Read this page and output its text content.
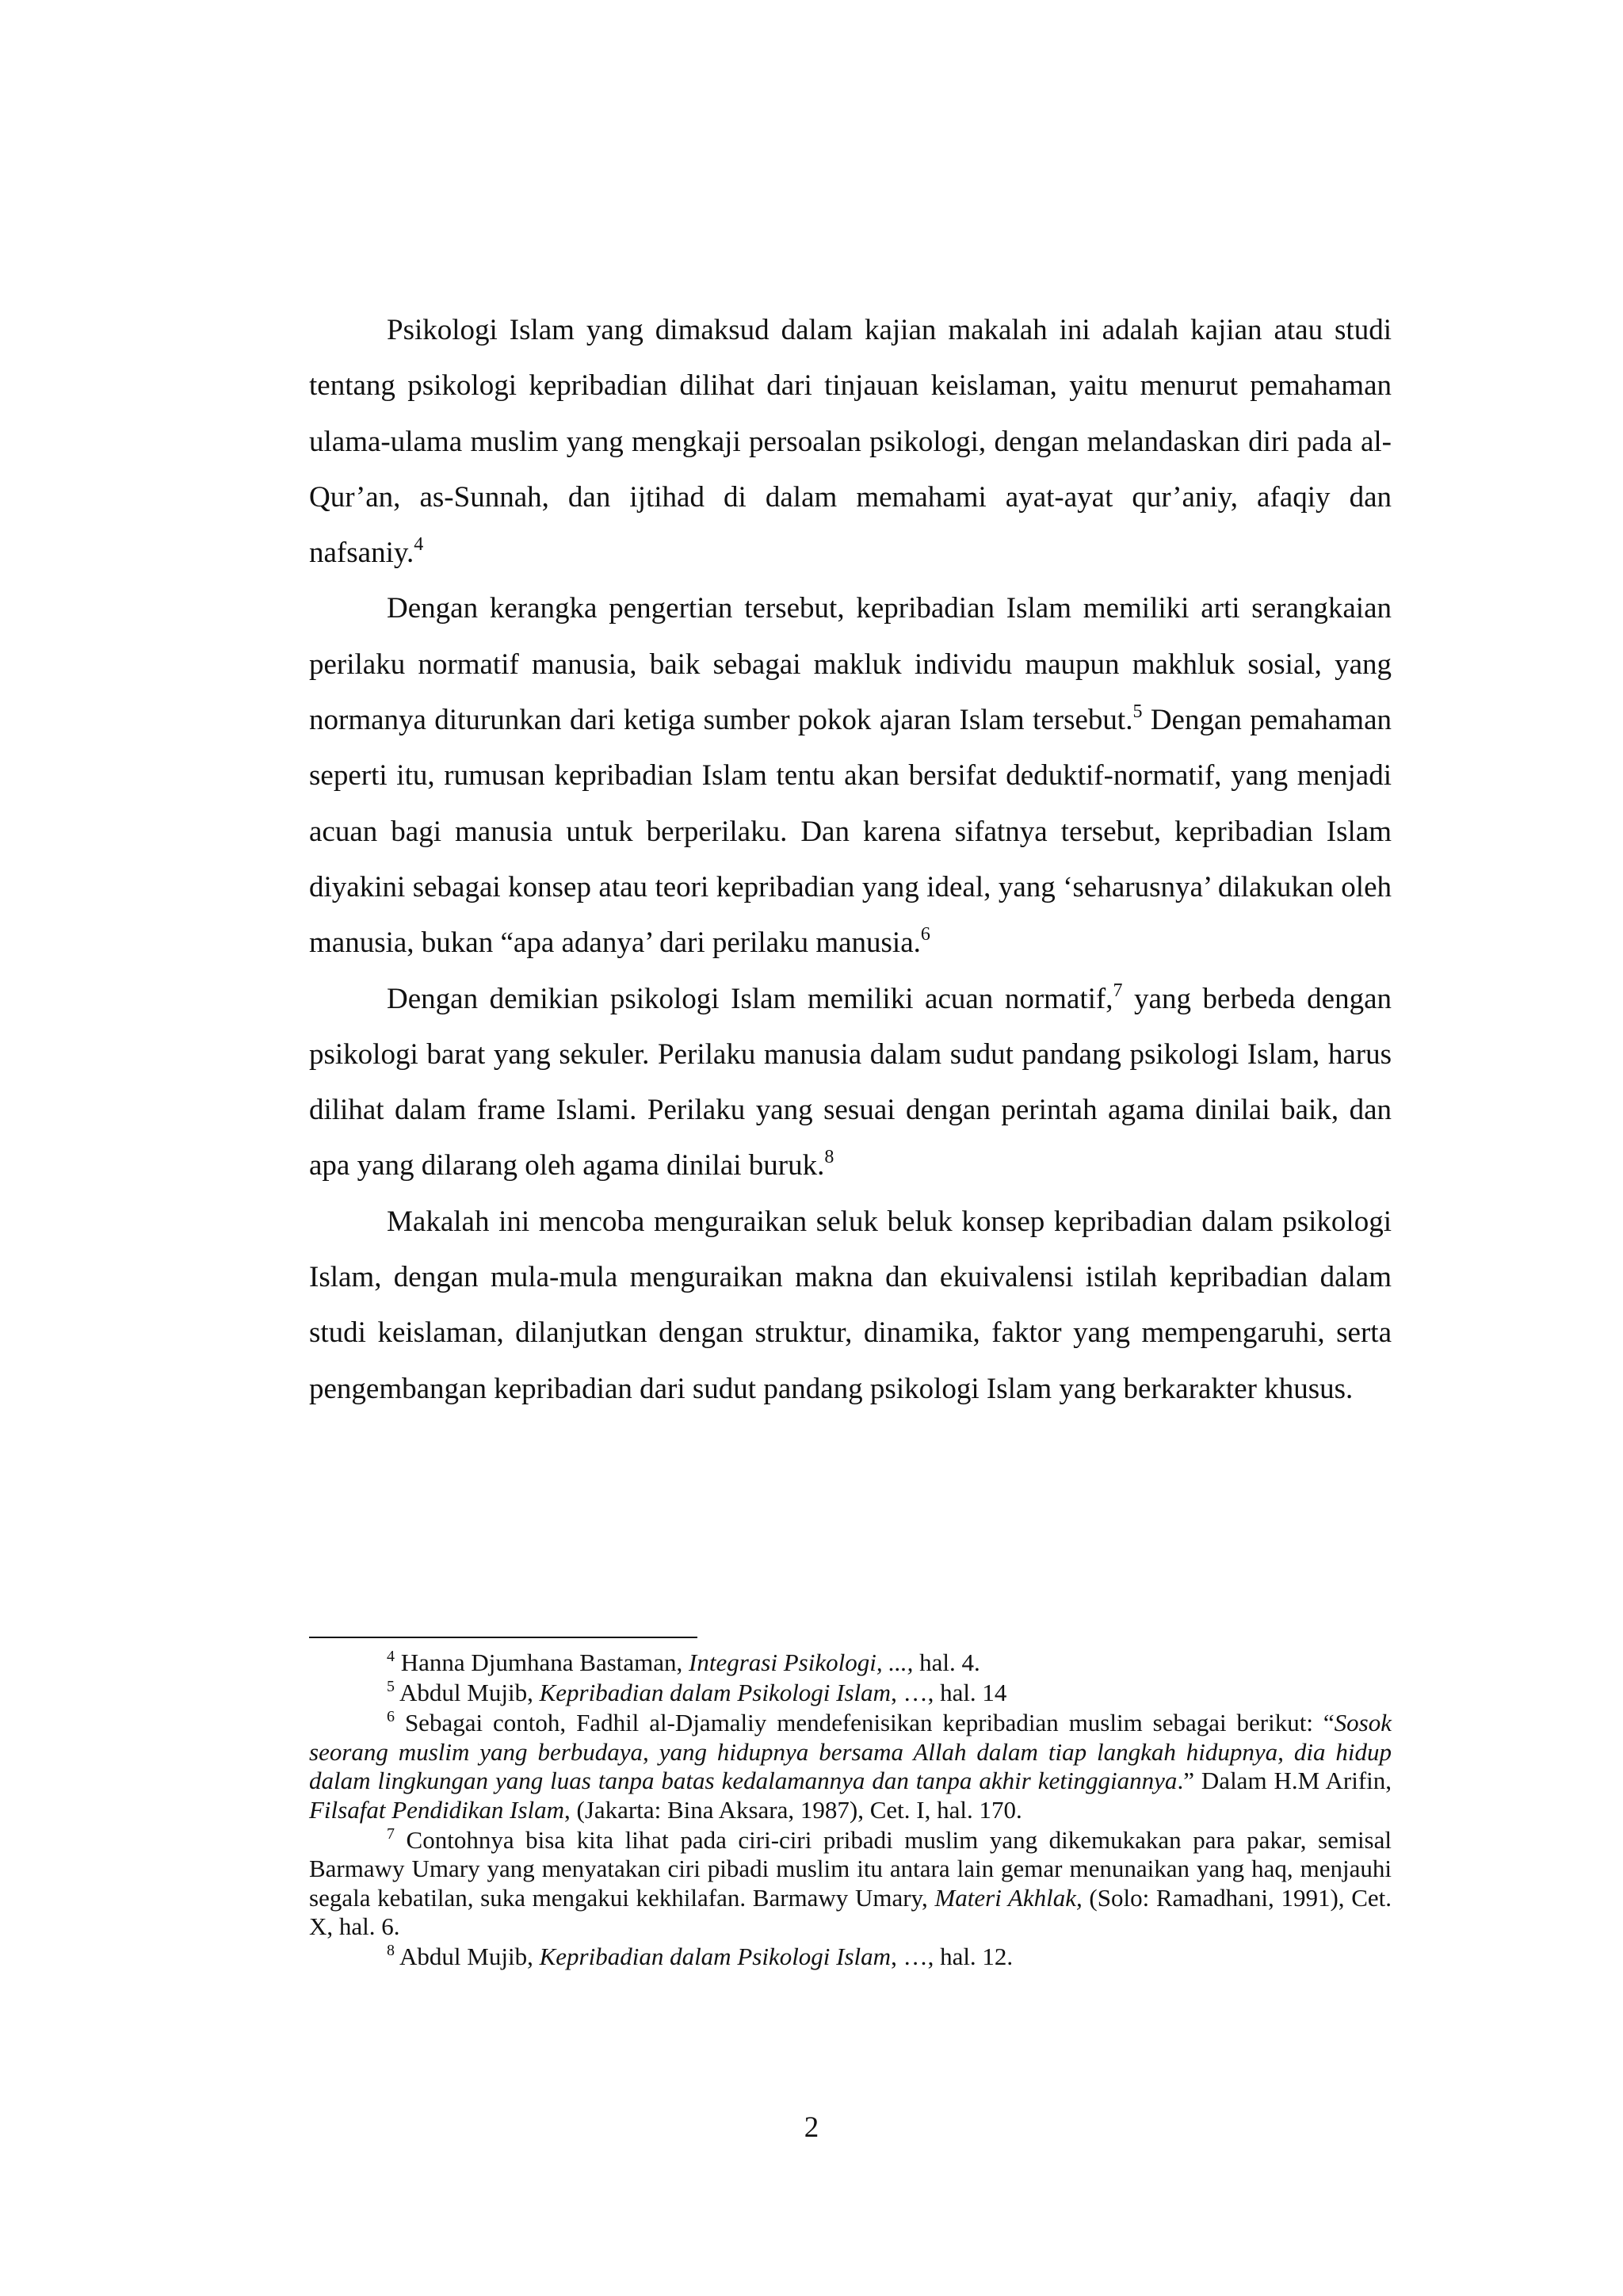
Psikologi Islam yang dimaksud dalam kajian makalah ini adalah kajian atau studi tentang psikologi kepribadian dilihat dari tinjauan keislaman, yaitu menurut pemahaman ulama-ulama muslim yang mengkaji persoalan psikologi, dengan melandaskan diri pada al-Qur’an, as-Sunnah, dan ijtihad di dalam memahami ayat-ayat qur’aniy, afaqiy dan nafsaniy.$^4$

Dengan kerangka pengertian tersebut, kepribadian Islam memiliki arti serangkaian perilaku normatif manusia, baik sebagai makluk individu maupun makhluk sosial, yang normanya diturunkan dari ketiga sumber pokok ajaran Islam tersebut.$^5$ Dengan pemahaman seperti itu, rumusan kepribadian Islam tentu akan bersifat deduktif-normatif, yang menjadi acuan bagi manusia untuk berperilaku. Dan karena sifatnya tersebut, kepribadian Islam diyakini sebagai konsep atau teori kepribadian yang ideal, yang ‘seharusnya’ dilakukan oleh manusia, bukan “apa adanya’ dari perilaku manusia.$^6$

Dengan demikian psikologi Islam memiliki acuan normatif,$^7$ yang berbeda dengan psikologi barat yang sekuler. Perilaku manusia dalam sudut pandang psikologi Islam, harus dilihat dalam frame Islami. Perilaku yang sesuai dengan perintah agama dinilai baik, dan apa yang dilarang oleh agama dinilai buruk.$^8$

Makalah ini mencoba menguraikan seluk beluk konsep kepribadian dalam psikologi Islam, dengan mula-mula menguraikan makna dan ekuivalensi istilah kepribadian dalam studi keislaman, dilanjutkan dengan struktur, dinamika, faktor yang mempengaruhi, serta pengembangan kepribadian dari sudut pandang psikologi Islam yang berkarakter khusus.

$^4$ Hanna Djumhana Bastaman, Integrasi Psikologi, ..., hal. 4.

$^5$ Abdul Mujib, Kepribadian dalam Psikologi Islam, …, hal. 14

$^6$ Sebagai contoh, Fadhil al-Djamaliy mendefenisikan kepribadian muslim sebagai berikut: “Sosok seorang muslim yang berbudaya, yang hidupnya bersama Allah dalam tiap langkah hidupnya, dia hidup dalam lingkungan yang luas tanpa batas kedalamannya dan tanpa akhir ketinggiannya.” Dalam H.M Arifin, Filsafat Pendidikan Islam, (Jakarta: Bina Aksara, 1987), Cet. I, hal. 170.

$^7$ Contohnya bisa kita lihat pada ciri-ciri pribadi muslim yang dikemukakan para pakar, semisal Barmawy Umary yang menyatakan ciri pibadi muslim itu antara lain gemar menunaikan yang haq, menjauhi segala kebatilan, suka mengakui kekhilafan. Barmawy Umary, Materi Akhlak, (Solo: Ramadhani, 1991), Cet. X, hal. 6.

$^8$ Abdul Mujib, Kepribadian dalam Psikologi Islam, …, hal. 12.

2
